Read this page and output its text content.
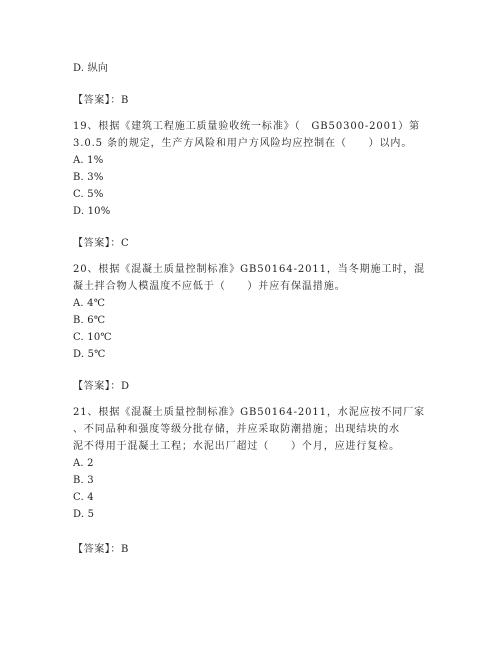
D. 纵向
【答案】：B
19、根据《建筑工程施工质量验收统一标准》（　GB50300-2001）第
3.0.5 条的规定，生产方风险和用户方风险均应控制在（　　）以内。
A. 1%
B. 3%
C. 5%
D. 10%
【答案】：C
20、根据《混凝土质量控制标准》GB50164-2011，当冬期施工时，混
凝土拌合物人模温度不应低于（　　）并应有保温措施。
A. 4℃
B. 6℃
C. 10℃
D. 5℃
【答案】：D
21、根据《混凝土质量控制标准》GB50164-2011，水泥应按不同厂家
、不同品种和强度等级分批存储，并应采取防潮措施；出现结块的水
泥不得用于混凝土工程；水泥出厂超过（　　）个月，应进行复检。
A. 2
B. 3
C. 4
D. 5
【答案】：B
